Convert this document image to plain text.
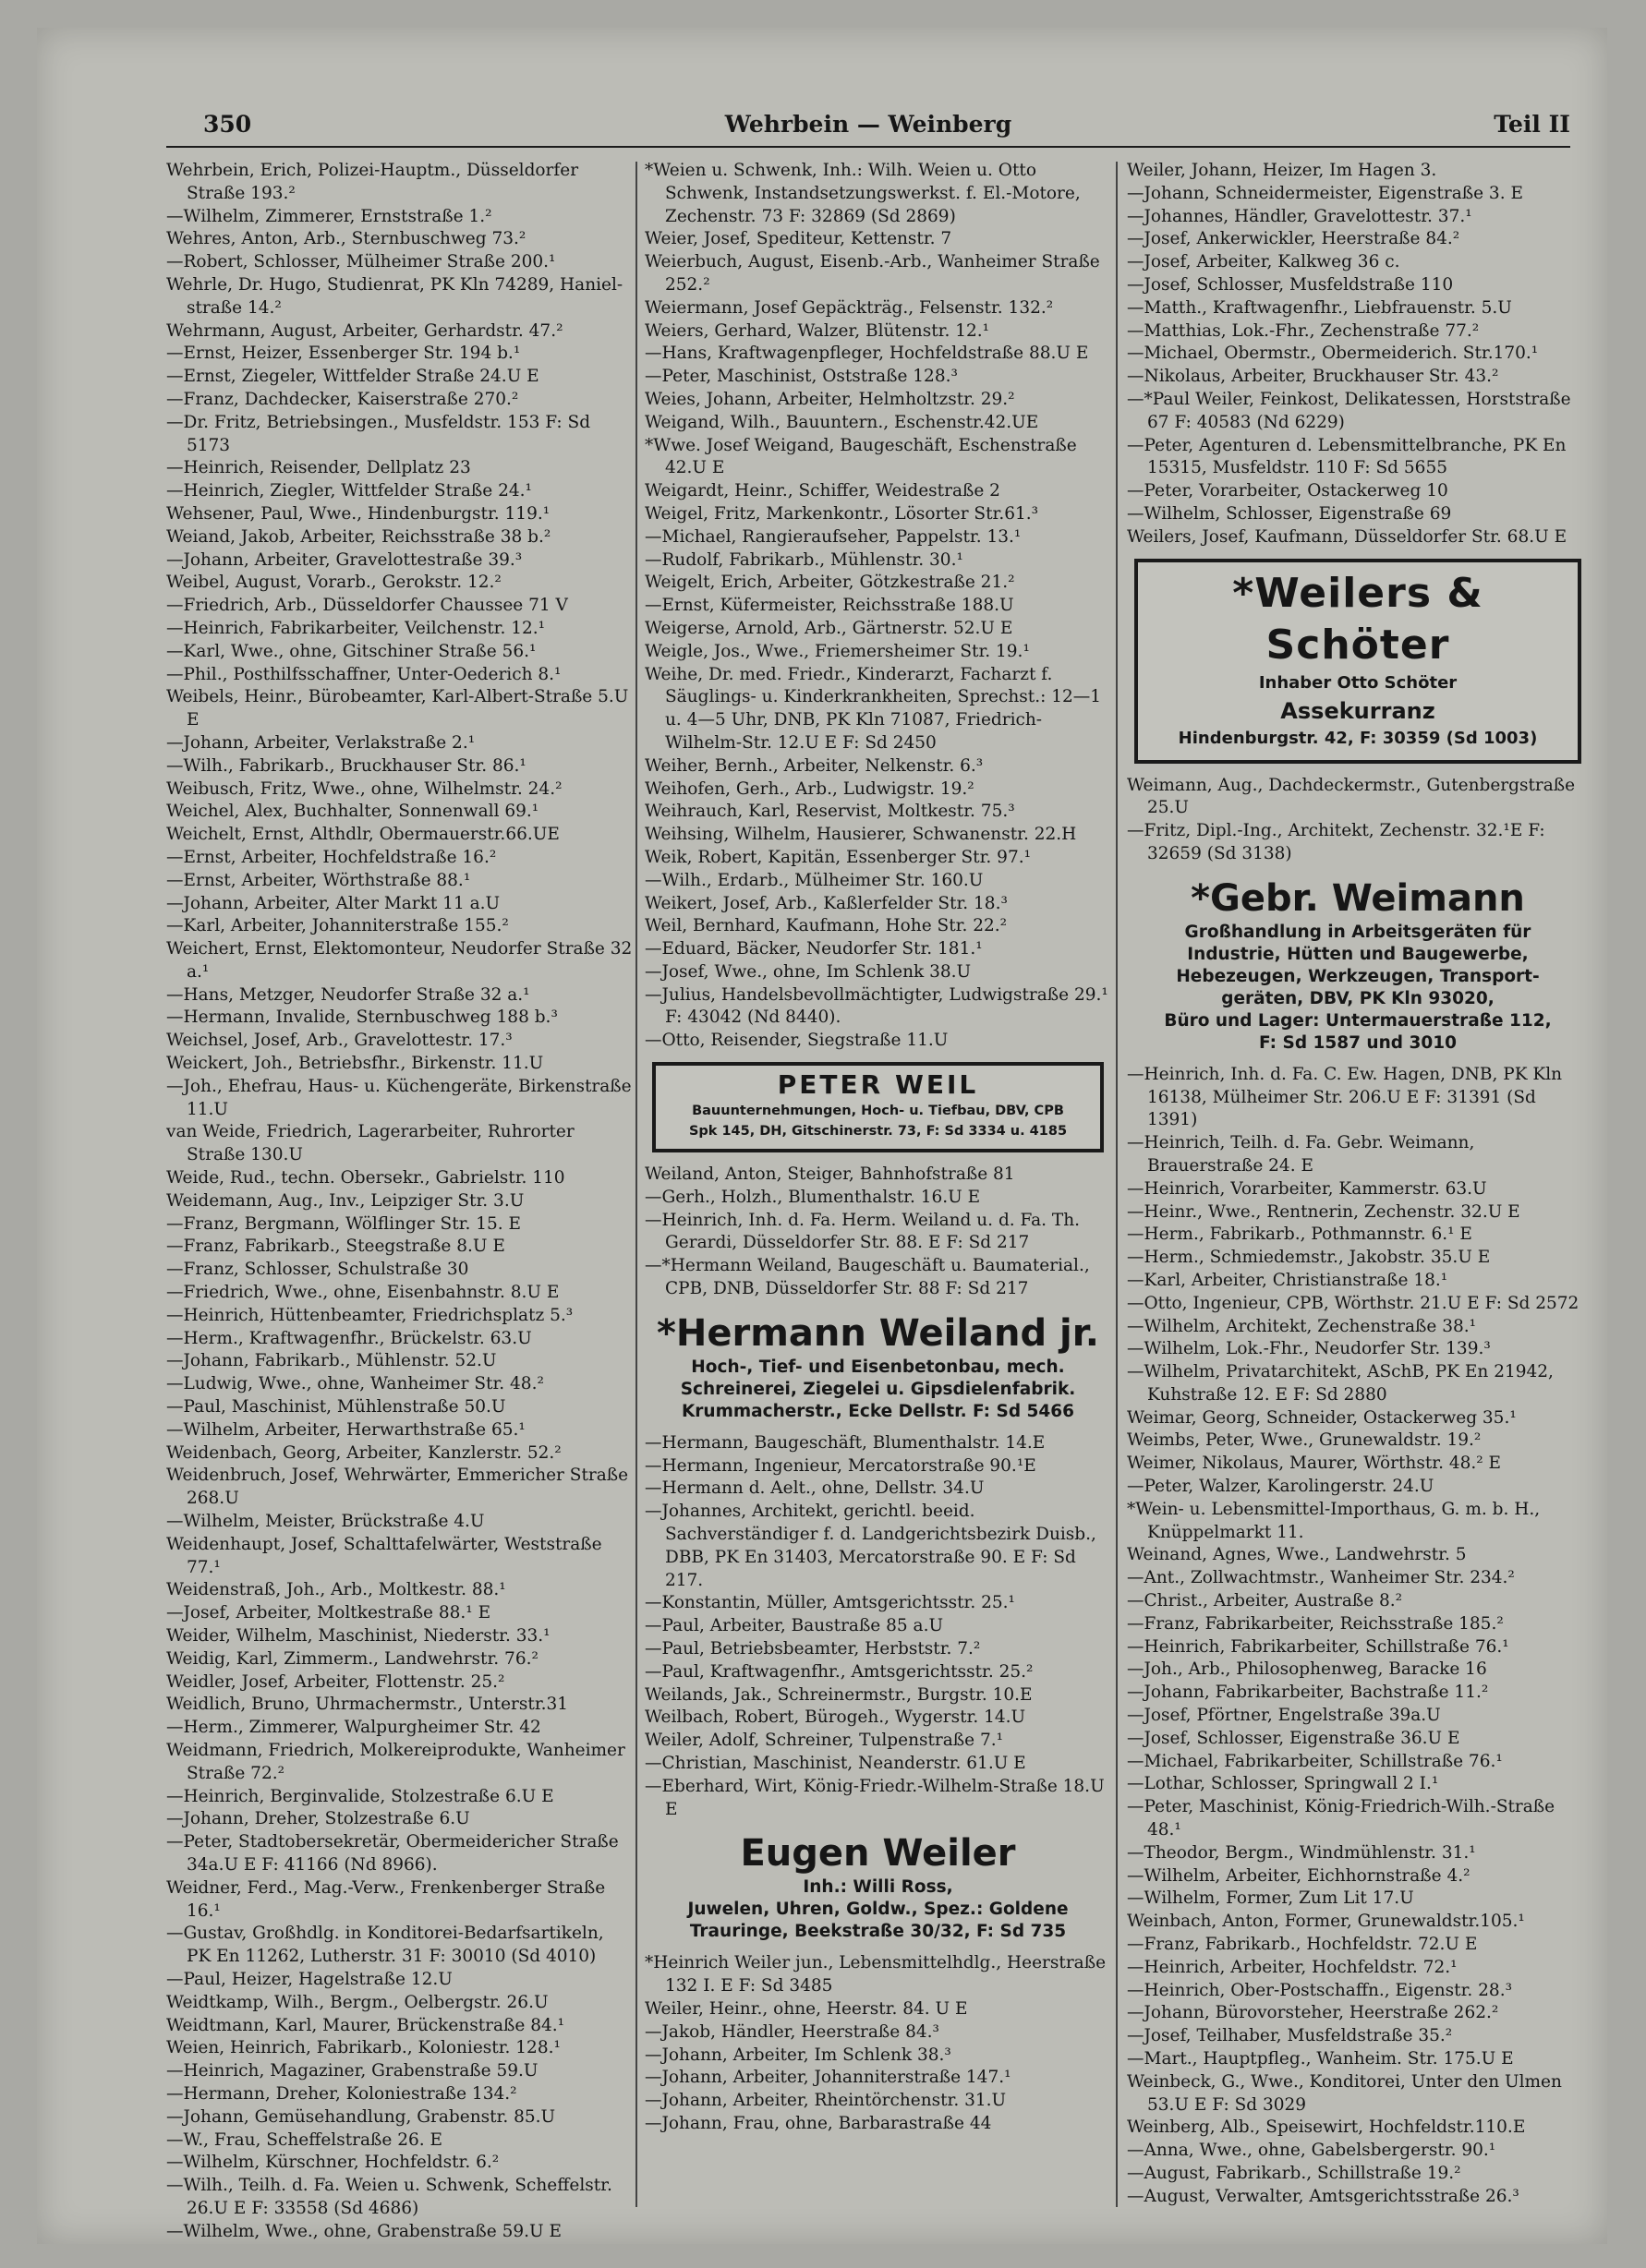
350	Wehrbein — Weinberg	Teil II
Wehrbein, Erich, Polizei-Hauptm., Düsseldorfer Straße 193.²
—Wilhelm, Zimmerer, Ernststraße 1.²
Wehres, Anton, Arb., Sternbuschweg 73.²
—Robert, Schlosser, Mülheimer Straße 200.¹
Wehrle, Dr. Hugo, Studienrat, PK Kln 74289, Hanielstraße 14.²
Wehrmann, August, Arbeiter, Gerhardstr. 47.²
—Ernst, Heizer, Essenberger Str. 194 b.¹
—Ernst, Ziegeler, Wittfelder Straße 24.U E
—Franz, Dachdecker, Kaiserstraße 270.²
—Dr. Fritz, Betriebsingen., Musfeldstr. 153 F: Sd 5173
—Heinrich, Reisender, Dellplatz 23
—Heinrich, Ziegler, Wittfelder Straße 24.¹
Wehsener, Paul, Wwe., Hindenburgstr. 119.¹
Weiand, Jakob, Arbeiter, Reichsstraße 38 b.²
—Johann, Arbeiter, Gravelottestraße 39.³
Weibel, August, Vorarb., Gerokstr. 12.²
—Friedrich, Arb., Düsseldorfer Chaussee 71 V
—Heinrich, Fabrikarbeiter, Veilchenstr. 12.¹
—Karl, Wwe., ohne, Gitschiner Straße 56.¹
—Phil., Posthilfsschaffner, Unter-Oederich 8.¹
Weibels, Heinr., Bürobeamter, Karl-Albert-Straße 5.U E
—Johann, Arbeiter, Verlakstraße 2.¹
—Wilh., Fabrikarb., Bruckhauser Str. 86.¹
Weibusch, Fritz, Wwe., ohne, Wilhelmstr. 24.²
Weichel, Alex, Buchhalter, Sonnenwall 69.¹
Weichelt, Ernst, Althdlr, Obermauerstr.66.UE
—Ernst, Arbeiter, Hochfeldstraße 16.²
—Ernst, Arbeiter, Wörthstraße 88.¹
—Johann, Arbeiter, Alter Markt 11 a.U
—Karl, Arbeiter, Johanniterstraße 155.²
Weichert, Ernst, Elektomonteur, Neudorfer Straße 32 a.¹
—Hans, Metzger, Neudorfer Straße 32 a.¹
—Hermann, Invalide, Sternbuschweg 188 b.³
Weichsel, Josef, Arb., Gravelottestr. 17.³
Weickert, Joh., Betriebsfhr., Birkenstr. 11.U
—Joh., Ehefrau, Haus- u. Küchengeräte, Birkenstraße 11.U
van Weide, Friedrich, Lagerarbeiter, Ruhrorter Straße 130.U
Weide, Rud., techn. Obersekr., Gabrielstr. 110
Weidemann, Aug., Inv., Leipziger Str. 3.U
—Franz, Bergmann, Wölflinger Str. 15. E
—Franz, Fabrikarb., Steegstraße 8.U E
—Franz, Schlosser, Schulstraße 30
—Friedrich, Wwe., ohne, Eisenbahnstr. 8.U E
—Heinrich, Hüttenbeamter, Friedrichsplatz 5.³
—Herm., Kraftwagenfhr., Brückelstr. 63.U
—Johann, Fabrikarb., Mühlenstr. 52.U
—Ludwig, Wwe., ohne, Wanheimer Str. 48.²
—Paul, Maschinist, Mühlenstraße 50.U
—Wilhelm, Arbeiter, Herwarthstraße 65.¹
Weidenbach, Georg, Arbeiter, Kanzlerstr. 52.²
Weidenbruch, Josef, Wehrwärter, Emmericher Straße 268.U
—Wilhelm, Meister, Brückstraße 4.U
Weidenhaupt, Josef, Schalttafelwärter, Weststraße 77.¹
Weidenstraß, Joh., Arb., Moltkestr. 88.¹
—Josef, Arbeiter, Moltkestraße 88.¹ E
Weider, Wilhelm, Maschinist, Niederstr. 33.¹
Weidig, Karl, Zimmerm., Landwehrstr. 76.²
Weidler, Josef, Arbeiter, Flottenstr. 25.²
Weidlich, Bruno, Uhrmachermstr., Unterstr.31
—Herm., Zimmerer, Walpurgheimer Str. 42
Weidmann, Friedrich, Molkereiprodukte, Wanheimer Straße 72.²
—Heinrich, Berginvalide, Stolzestraße 6.U E
—Johann, Dreher, Stolzestraße 6.U
—Peter, Stadtobersekretär, Obermeidericher Straße 34a.U E F: 41166 (Nd 8966).
Weidner, Ferd., Mag.-Verw., Frenkenberger Straße 16.¹
—Gustav, Großhdlg. in Konditorei-Bedarfsartikeln, PK En 11262, Lutherstr. 31 F: 30010 (Sd 4010)
—Paul, Heizer, Hagelstraße 12.U
Weidtkamp, Wilh., Bergm., Oelbergstr. 26.U
Weidtmann, Karl, Maurer, Brückenstraße 84.¹
Weien, Heinrich, Fabrikarb., Koloniestr. 128.¹
—Heinrich, Magaziner, Grabenstraße 59.U
—Hermann, Dreher, Koloniestraße 134.²
—Johann, Gemüsehandlung, Grabenstr. 85.U
—W., Frau, Scheffelstraße 26. E
—Wilhelm, Kürschner, Hochfeldstr. 6.²
—Wilh., Teilh. d. Fa. Weien u. Schwenk, Scheffelstr. 26.U E F: 33558 (Sd 4686)
—Wilhelm, Wwe., ohne, Grabenstraße 59.U E
*Weien u. Schwenk, Inh.: Wilh. Weien u. Otto Schwenk, Instandsetzungswerkst. f. El.-Motore, Zechenstr. 73 F: 32869 (Sd 2869)
Weier, Josef, Spediteur, Kettenstr. 7
Weierbuch, August, Eisenb.-Arb., Wanheimer Straße 252.²
Weiermann, Josef Gepäckträg., Felsenstr. 132.²
Weiers, Gerhard, Walzer, Blütenstr. 12.¹
—Hans, Kraftwagenpfleger, Hochfeldstraße 88.U E
—Peter, Maschinist, Oststraße 128.³
Weies, Johann, Arbeiter, Helmholtzstr. 29.²
Weigand, Wilh., Bauuntern., Eschenstr.42.UE
*Wwe. Josef Weigand, Baugeschäft, Eschenstraße 42.U E
Weigardt, Heinr., Schiffer, Weidestraße 2
Weigel, Fritz, Markenkontr., Lösorter Str.61.³
—Michael, Rangieraufseher, Pappelstr. 13.¹
—Rudolf, Fabrikarb., Mühlenstr. 30.¹
Weigelt, Erich, Arbeiter, Götzkestraße 21.²
—Ernst, Küfermeister, Reichsstraße 188.U
Weigerse, Arnold, Arb., Gärtnerstr. 52.U E
Weigle, Jos., Wwe., Friemersheimer Str. 19.¹
Weihe, Dr. med. Friedr., Kinderarzt, Facharzt f. Säuglings- u. Kinderkrankheiten, Sprechst.: 12—1 u. 4—5 Uhr, DNB, PK Kln 71087, Friedrich-Wilhelm-Str. 12.U E F: Sd 2450
Weiher, Bernh., Arbeiter, Nelkenstr. 6.³
Weihofen, Gerh., Arb., Ludwigstr. 19.²
Weihrauch, Karl, Reservist, Moltkestr. 75.³
Weihsing, Wilhelm, Hausierer, Schwanenstr. 22.H
Weik, Robert, Kapitän, Essenberger Str. 97.¹
—Wilh., Erdarb., Mülheimer Str. 160.U
Weikert, Josef, Arb., Kaßlerfelder Str. 18.³
Weil, Bernhard, Kaufmann, Hohe Str. 22.²
—Eduard, Bäcker, Neudorfer Str. 181.¹
—Josef, Wwe., ohne, Im Schlenk 38.U
—Julius, Handelsbevollmächtigter, Ludwigstraße 29.¹ F: 43042 (Nd 8440).
—Otto, Reisender, Siegstraße 11.U
PETER WEIL
Bauunternehmungen, Hoch- u. Tiefbau, DBV, CPB
Spk 145, DH, Gitschinerstr. 73, F: Sd 3334 u. 4185
Weiland, Anton, Steiger, Bahnhofstraße 81
—Gerh., Holzh., Blumenthalstr. 16.U E
—Heinrich, Inh. d. Fa. Herm. Weiland u. d. Fa. Th. Gerardi, Düsseldorfer Str. 88. E F: Sd 217
—*Hermann Weiland, Baugeschäft u. Baumaterial., CPB, DNB, Düsseldorfer Str. 88 F: Sd 217
*Hermann Weiland jr.
Hoch-, Tief- und Eisenbetonbau, mech.
Schreinerei, Ziegelei u. Gipsdielenfabrik.
Krummacherstr., Ecke Dellstr. F: Sd 5466
—Hermann, Baugeschäft, Blumenthalstr. 14.E
—Hermann, Ingenieur, Mercatorstraße 90.¹E
—Hermann d. Aelt., ohne, Dellstr. 34.U
—Johannes, Architekt, gerichtl. beeid. Sachverständiger f. d. Landgerichtsbezirk Duisb., DBB, PK En 31403, Mercatorstraße 90. E F: Sd 217.
—Konstantin, Müller, Amtsgerichtsstr. 25.¹
—Paul, Arbeiter, Baustraße 85 a.U
—Paul, Betriebsbeamter, Herbststr. 7.²
—Paul, Kraftwagenfhr., Amtsgerichtsstr. 25.²
Weilands, Jak., Schreinermstr., Burgstr. 10.E
Weilbach, Robert, Bürogeh., Wygerstr. 14.U
Weiler, Adolf, Schreiner, Tulpenstraße 7.¹
—Christian, Maschinist, Neanderstr. 61.U E
—Eberhard, Wirt, König-Friedr.-Wilhelm-Straße 18.U E
Eugen Weiler
Inh.: Willi Ross,
Juwelen, Uhren, Goldw., Spez.: Goldene
Trauringe, Beekstraße 30/32, F: Sd 735
*Heinrich Weiler jun., Lebensmittelhdlg., Heerstraße 132 I. E F: Sd 3485
Weiler, Heinr., ohne, Heerstr. 84. U E
—Jakob, Händler, Heerstraße 84.³
—Johann, Arbeiter, Im Schlenk 38.³
—Johann, Arbeiter, Johanniterstraße 147.¹
—Johann, Arbeiter, Rheintörchenstr. 31.U
—Johann, Frau, ohne, Barbarastraße 44
Weiler, Johann, Heizer, Im Hagen 3.
—Johann, Schneidermeister, Eigenstraße 3. E
—Johannes, Händler, Gravelottestr. 37.¹
—Josef, Ankerwickler, Heerstraße 84.²
—Josef, Arbeiter, Kalkweg 36 c.
—Josef, Schlosser, Musfeldstraße 110
—Matth., Kraftwagenfhr., Liebfrauenstr. 5.U
—Matthias, Lok.-Fhr., Zechenstraße 77.²
—Michael, Obermstr., Obermeiderich. Str.170.¹
—Nikolaus, Arbeiter, Bruckhauser Str. 43.²
—*Paul Weiler, Feinkost, Delikatessen, Horststraße 67 F: 40583 (Nd 6229)
—Peter, Agenturen d. Lebensmittelbranche, PK En 15315, Musfeldstr. 110 F: Sd 5655
—Peter, Vorarbeiter, Ostackerweg 10
—Wilhelm, Schlosser, Eigenstraße 69
Weilers, Josef, Kaufmann, Düsseldorfer Str. 68.U E
*Weilers & Schöter
Inhaber Otto Schöter
Assekurranz
Hindenburgstr. 42, F: 30359 (Sd 1003)
Weimann, Aug., Dachdeckermstr., Gutenbergstraße 25.U
—Fritz, Dipl.-Ing., Architekt, Zechenstr. 32.¹E F: 32659 (Sd 3138)
*Gebr. Weimann
Großhandlung in Arbeitsgeräten für
Industrie, Hütten und Baugewerbe,
Hebezeugen, Werkzeugen, Transport-
geräten, DBV, PK Kln 93020,
Büro und Lager: Untermauerstraße 112,
F: Sd 1587 und 3010
—Heinrich, Inh. d. Fa. C. Ew. Hagen, DNB, PK Kln 16138, Mülheimer Str. 206.U E F: 31391 (Sd 1391)
—Heinrich, Teilh. d. Fa. Gebr. Weimann, Brauerstraße 24. E
—Heinrich, Vorarbeiter, Kammerstr. 63.U
—Heinr., Wwe., Rentnerin, Zechenstr. 32.U E
—Herm., Fabrikarb., Pothmannstr. 6.¹ E
—Herm., Schmiedemstr., Jakobstr. 35.U E
—Karl, Arbeiter, Christianstraße 18.¹
—Otto, Ingenieur, CPB, Wörthstr. 21.U E F: Sd 2572
—Wilhelm, Architekt, Zechenstraße 38.¹
—Wilhelm, Lok.-Fhr., Neudorfer Str. 139.³
—Wilhelm, Privatarchitekt, ASchB, PK En 21942, Kuhstraße 12. E F: Sd 2880
Weimar, Georg, Schneider, Ostackerweg 35.¹
Weimbs, Peter, Wwe., Grunewaldstr. 19.²
Weimer, Nikolaus, Maurer, Wörthstr. 48.² E
—Peter, Walzer, Karolingerstr. 24.U
*Wein- u. Lebensmittel-Importhaus, G. m. b. H., Knüppelmarkt 11.
Weinand, Agnes, Wwe., Landwehrstr. 5
—Ant., Zollwachtmstr., Wanheimer Str. 234.²
—Christ., Arbeiter, Austraße 8.²
—Franz, Fabrikarbeiter, Reichsstraße 185.²
—Heinrich, Fabrikarbeiter, Schillstraße 76.¹
—Joh., Arb., Philosophenweg, Baracke 16
—Johann, Fabrikarbeiter, Bachstraße 11.²
—Josef, Pförtner, Engelstraße 39a.U
—Josef, Schlosser, Eigenstraße 36.U E
—Michael, Fabrikarbeiter, Schillstraße 76.¹
—Lothar, Schlosser, Springwall 2 I.¹
—Peter, Maschinist, König-Friedrich-Wilh.-Straße 48.¹
—Theodor, Bergm., Windmühlenstr. 31.¹
—Wilhelm, Arbeiter, Eichhornstraße 4.²
—Wilhelm, Former, Zum Lit 17.U
Weinbach, Anton, Former, Grunewaldstr.105.¹
—Franz, Fabrikarb., Hochfeldstr. 72.U E
—Heinrich, Arbeiter, Hochfeldstr. 72.¹
—Heinrich, Ober-Postschaffn., Eigenstr. 28.³
—Johann, Bürovorsteher, Heerstraße 262.²
—Josef, Teilhaber, Musfeldstraße 35.²
—Mart., Hauptpfleg., Wanheim. Str. 175.U E
Weinbeck, G., Wwe., Konditorei, Unter den Ulmen 53.U E F: Sd 3029
Weinberg, Alb., Speisewirt, Hochfeldstr.110.E
—Anna, Wwe., ohne, Gabelsbergerstr. 90.¹
—August, Fabrikarb., Schillstraße 19.²
—August, Verwalter, Amtsgerichtsstraße 26.³
